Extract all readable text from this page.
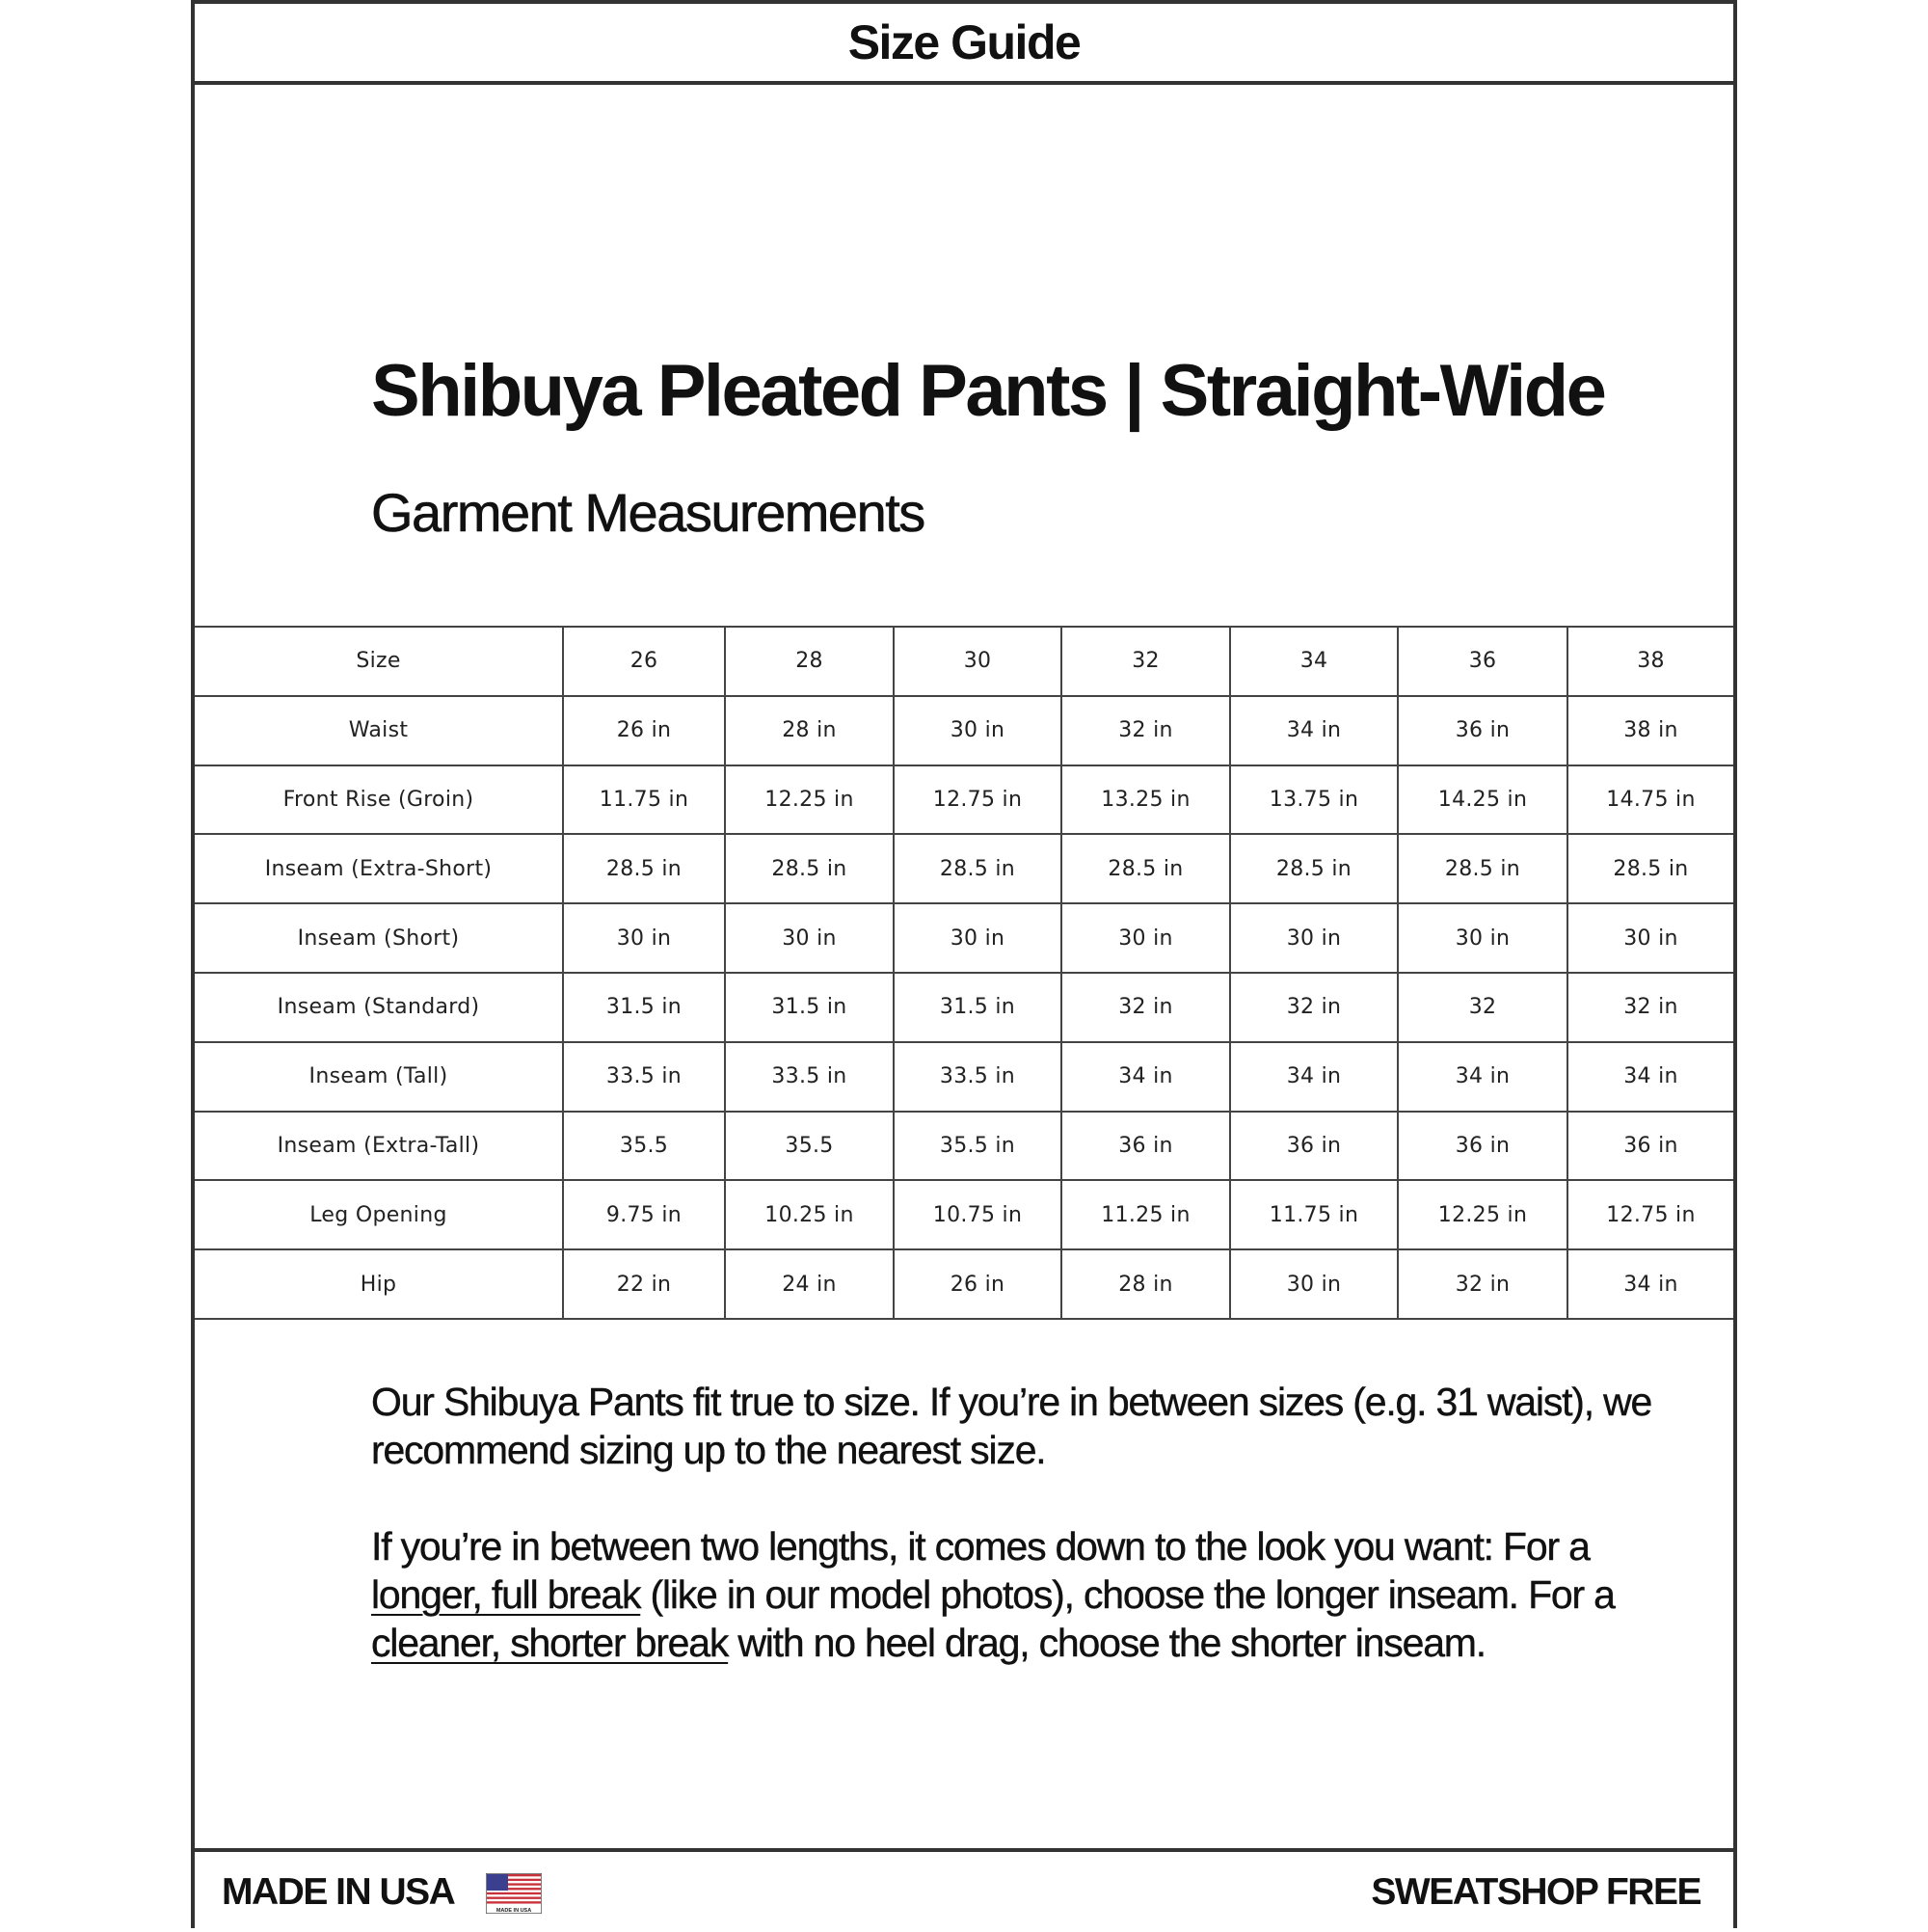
Size Guide
Shibuya Pleated Pants | Straight-Wide
Garment Measurements
Size	26	28	30	32	34	36	38
Waist	26 in	28 in	30 in	32 in	34 in	36 in	38 in
Front Rise (Groin)	11.75 in	12.25 in	12.75 in	13.25 in	13.75 in	14.25 in	14.75 in
Inseam (Extra-Short)	28.5 in	28.5 in	28.5 in	28.5 in	28.5 in	28.5 in	28.5 in
Inseam (Short)	30 in	30 in	30 in	30 in	30 in	30 in	30 in
Inseam (Standard)	31.5 in	31.5 in	31.5 in	32 in	32 in	32	32 in
Inseam (Tall)	33.5 in	33.5 in	33.5 in	34 in	34 in	34 in	34 in
Inseam (Extra-Tall)	35.5	35.5	35.5 in	36 in	36 in	36 in	36 in
Leg Opening	9.75 in	10.25 in	10.75 in	11.25 in	11.75 in	12.25 in	12.75 in
Hip	22 in	24 in	26 in	28 in	30 in	32 in	34 in

Our Shibuya Pants fit true to size. If you’re in between sizes (e.g. 31 waist), we recommend sizing up to the nearest size.

If you’re in between two lengths, it comes down to the look you want: For a longer, full break (like in our model photos), choose the longer inseam. For a cleaner, shorter break with no heel drag, choose the shorter inseam.

MADE IN USA	MADE IN USA	SWEATSHOP FREE
